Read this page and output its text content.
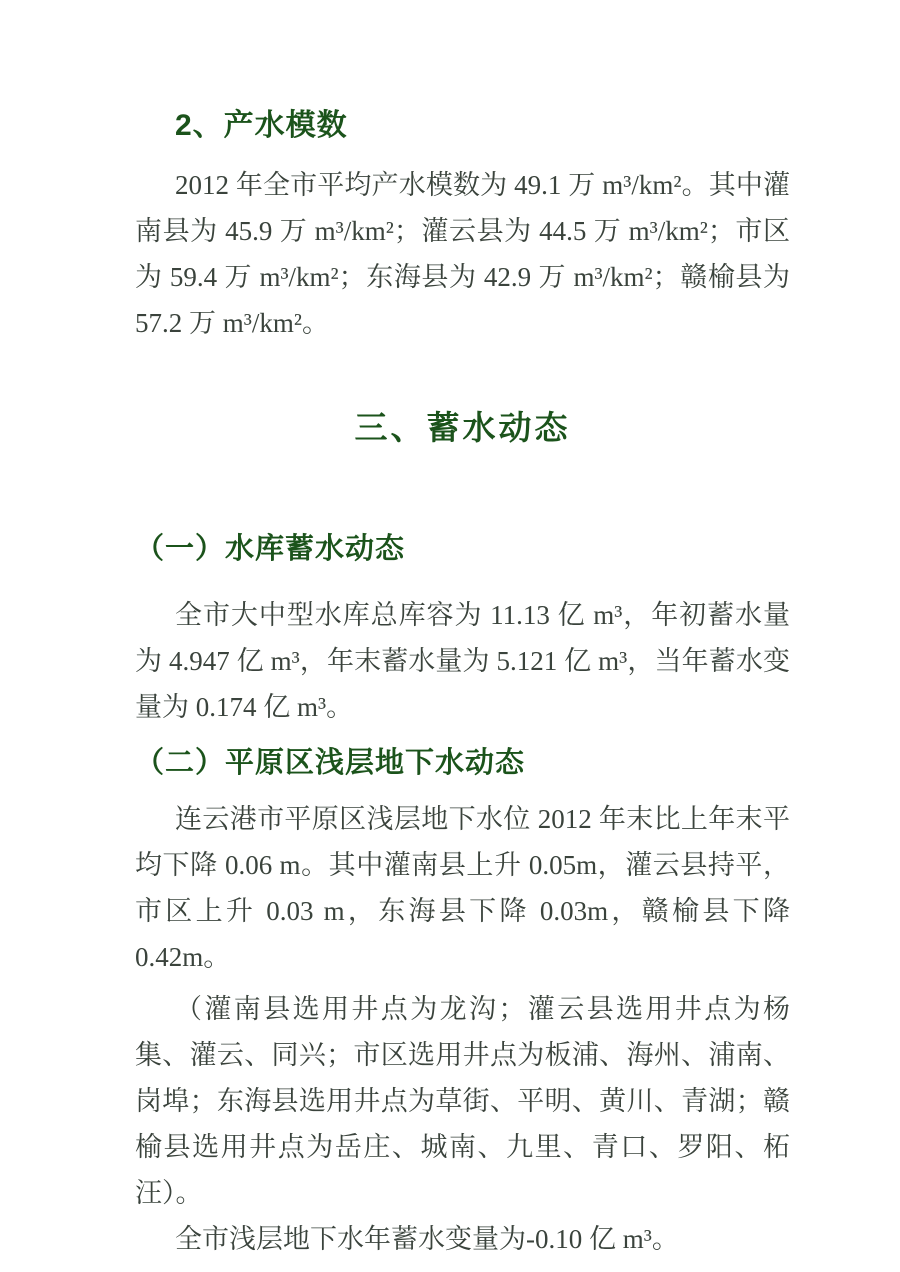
2、产水模数

2012 年全市平均产水模数为 49.1 万 m³/km²。其中灌南县为 45.9 万 m³/km²；灌云县为 44.5 万 m³/km²；市区为 59.4 万 m³/km²；东海县为 42.9 万 m³/km²；赣榆县为 57.2 万 m³/km²。

三、蓄水动态
（一）水库蓄水动态

全市大中型水库总库容为 11.13 亿 m³，年初蓄水量为 4.947 亿 m³，年末蓄水量为 5.121 亿 m³，当年蓄水变量为 0.174 亿 m³。

（二）平原区浅层地下水动态

连云港市平原区浅层地下水位 2012 年末比上年末平均下降 0.06 m。其中灌南县上升 0.05m，灌云县持平，市区上升 0.03 m，东海县下降 0.03m，赣榆县下降 0.42m。

（灌南县选用井点为龙沟；灌云县选用井点为杨集、灌云、同兴；市区选用井点为板浦、海州、浦南、岗埠；东海县选用井点为草街、平明、黄川、青湖；赣榆县选用井点为岳庄、城南、九里、青口、罗阳、柘汪）。

全市浅层地下水年蓄水变量为-0.10 亿 m³。
